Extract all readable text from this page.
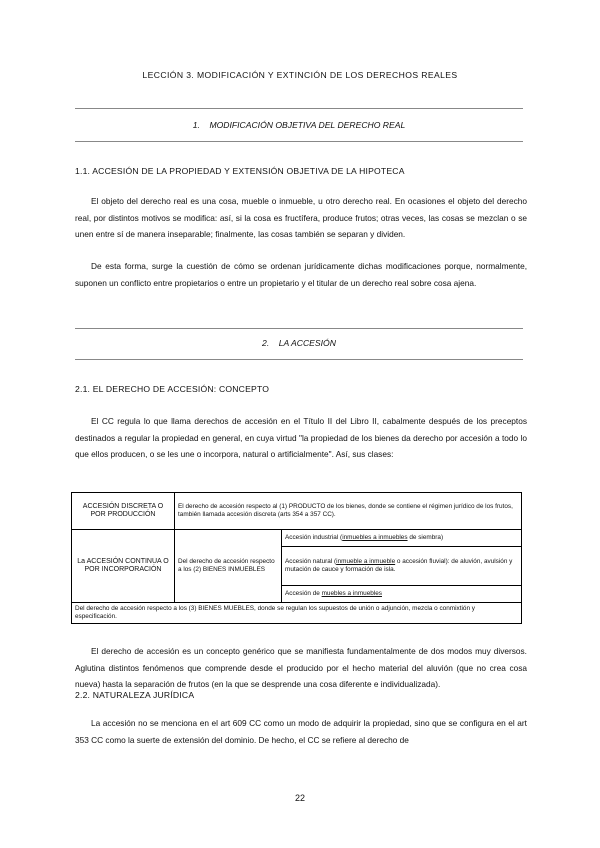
LECCIÓN 3. MODIFICACIÓN Y EXTINCIÓN DE LOS DERECHOS REALES
1. MODIFICACIÓN OBJETIVA DEL DERECHO REAL
1.1. ACCESIÓN DE LA PROPIEDAD Y EXTENSIÓN OBJETIVA DE LA HIPOTECA
El objeto del derecho real es una cosa, mueble o inmueble, u otro derecho real. En ocasiones el objeto del derecho real, por distintos motivos se modifica: así, si la cosa es fructífera, produce frutos; otras veces, las cosas se mezclan o se unen entre sí de manera inseparable; finalmente, las cosas también se separan y dividen.
De esta forma, surge la cuestión de cómo se ordenan jurídicamente dichas modificaciones porque, normalmente, suponen un conflicto entre propietarios o entre un propietario y el titular de un derecho real sobre cosa ajena.
2. LA ACCESIÓN
2.1. EL DERECHO DE ACCESIÓN: CONCEPTO
El CC regula lo que llama derechos de accesión en el Título II del Libro II, cabalmente después de los preceptos destinados a regular la propiedad en general, en cuya virtud "la propiedad de los bienes da derecho por accesión a todo lo que ellos producen, o se les une o incorpora, natural o artificialmente". Así, sus clases:
ACCESIÓN DISCRETA O POR PRODUCCIÓN	El derecho de accesión respecto al (1) PRODUCTO de los bienes, donde se contiene el régimen jurídico de los frutos, también llamada accesión discreta (arts 354 a 357 CC).	
La ACCESIÓN CONTINUA O POR INCORPORACIÓN	Del derecho de accesión respecto a los (2) BIENES INMUEBLES	Accesión industrial (inmuebles a inmuebles de siembra)
		Accesión natural (inmueble a inmueble o accesión fluvial): de aluvión, avulsión y mutación de cauce y formación de isla.
		Accesión de muebles a inmuebles
Del derecho de accesión respecto a los (3) BIENES MUEBLES, donde se regulan los supuestos de unión o adjunción, mezcla o conmixtión y especificación.		
El derecho de accesión es un concepto genérico que se manifiesta fundamentalmente de dos modos muy diversos. Aglutina distintos fenómenos que comprende desde el producido por el hecho material del aluvión (que no crea cosa nueva) hasta la separación de frutos (en la que se desprende una cosa diferente e individualizada).
2.2. NATURALEZA JURÍDICA
La accesión no se menciona en el art 609 CC como un modo de adquirir la propiedad, sino que se configura en el art 353 CC como la suerte de extensión del dominio. De hecho, el CC se refiere al derecho de
22
